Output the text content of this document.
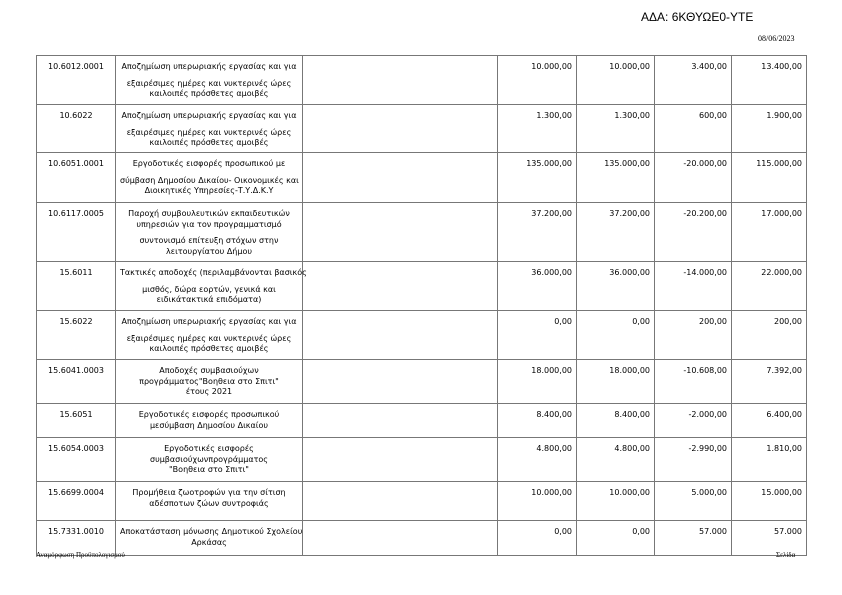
ΑΔΑ: 6ΚΘΥΩΕ0-ΥΤΕ
08/06/2023
10.6012.0001	Αποζημίωση υπερωριακής εργασίας και για
εξαιρέσιμες ημέρες και νυκτερινές ώρες
καιλοιπές πρόσθετες αμοιβές		10.000,00	10.000,00	3.400,00	13.400,00
10.6022	Αποζημίωση υπερωριακής εργασίας και για
εξαιρέσιμες ημέρες και νυκτερινές ώρες
καιλοιπές πρόσθετες αμοιβές		1.300,00	1.300,00	600,00	1.900,00
10.6051.0001	Εργοδοτικές εισφορές προσωπικού με
σύμβαση Δημοσίου Δικαίου- Οικονομικές και
Διοικητικές Υπηρεσίες-Τ.Υ.Δ.Κ.Υ		135.000,00	135.000,00	-20.000,00	115.000,00
10.6117.0005	Παροχή συμβουλευτικών εκπαιδευτικών
υπηρεσιών για τον προγραμματισμό
συντονισμό επίτευξη στόχων στην
λειτουργίατου Δήμου		37.200,00	37.200,00	-20.200,00	17.000,00
15.6011	Τακτικές αποδοχές (περιλαμβάνονται βασικός
μισθός, δώρα εορτών, γενικά και
ειδικάτακτικά επιδόματα)		36.000,00	36.000,00	-14.000,00	22.000,00
15.6022	Αποζημίωση υπερωριακής εργασίας και για
εξαιρέσιμες ημέρες και νυκτερινές ώρες
καιλοιπές πρόσθετες αμοιβές		0,00	0,00	200,00	200,00
15.6041.0003	Αποδοχές συμβασιούχων
προγράμματος"Βοηθεια στο Σπιτι"
έτους 2021		18.000,00	18.000,00	-10.608,00	7.392,00
15.6051	Εργοδοτικές εισφορές προσωπικού
μεσύμβαση Δημοσίου Δικαίου		8.400,00	8.400,00	-2.000,00	6.400,00
15.6054.0003	Εργοδοτικές εισφορές
συμβασιούχωνπρογράμματος
"Βοηθεια στο Σπιτι"		4.800,00	4.800,00	-2.990,00	1.810,00
15.6699.0004	Προμήθεια ζωοτροφών για την σίτιση
αδέσποτων ζώων συντροφιάς		10.000,00	10.000,00	5.000,00	15.000,00
15.7331.0010	Αποκατάσταση μόνωσης Δημοτικού Σχολείου
Αρκάσας		0,00	0,00	57.000	57.000
Αναμόρφωση Προϋπολογισμού	Σελίδα
